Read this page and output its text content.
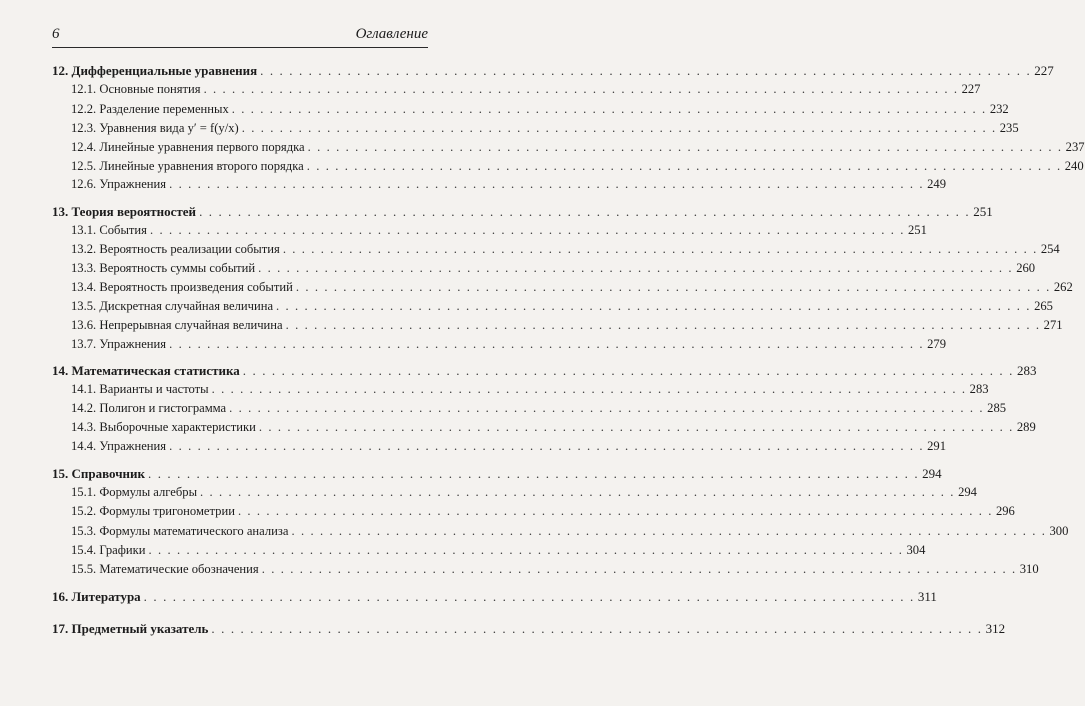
6	Оглавление
12. Дифференциальные уравнения . . . . . . . . . . . . . . . . . . . . . . . . . . . . . . . . . . . . . . . . . . . . . . . . . . . . . . . . . . . . . . . . . . . . . . . . . . . . . . . . 227
12.1. Основные понятия . . . . . . . . . . . . . . . . . . . . . . . . . . . . . . . . . . . . . . . . . . . . . . . . . . . . . . . . . . . . . . . . . . . . . . . . . . . . . . . . 227
12.2. Разделение переменных . . . . . . . . . . . . . . . . . . . . . . . . . . . . . . . . . . . . . . . . . . . . . . . . . . . . . . . . . . . . . . . . . . . . . . . . . . . . . . . . 232
12.3. Уравнения вида y′ = f(y/x) . . . . . . . . . . . . . . . . . . . . . . . . . . . . . . . . . . . . . . . . . . . . . . . . . . . . . . . . . . . . . . . . . . . . . . . . . . . . . . . . 235
12.4. Линейные уравнения первого порядка . . . . . . . . . . . . . . . . . . . . . . . . . . . . . . . . . . . . . . . . . . . . . . . . . . . . . . . . . . . . . . . . . . . . . . . . . . . . . . . . 237
12.5. Линейные уравнения второго порядка . . . . . . . . . . . . . . . . . . . . . . . . . . . . . . . . . . . . . . . . . . . . . . . . . . . . . . . . . . . . . . . . . . . . . . . . . . . . . . . . 240
12.6. Упражнения . . . . . . . . . . . . . . . . . . . . . . . . . . . . . . . . . . . . . . . . . . . . . . . . . . . . . . . . . . . . . . . . . . . . . . . . . . . . . . . . 249
13. Теория вероятностей . . . . . . . . . . . . . . . . . . . . . . . . . . . . . . . . . . . . . . . . . . . . . . . . . . . . . . . . . . . . . . . . . . . . . . . . . . . . . . . . 251
13.1. События . . . . . . . . . . . . . . . . . . . . . . . . . . . . . . . . . . . . . . . . . . . . . . . . . . . . . . . . . . . . . . . . . . . . . . . . . . . . . . . . 251
13.2. Вероятность реализации события . . . . . . . . . . . . . . . . . . . . . . . . . . . . . . . . . . . . . . . . . . . . . . . . . . . . . . . . . . . . . . . . . . . . . . . . . . . . . . . . 254
13.3. Вероятность суммы событий . . . . . . . . . . . . . . . . . . . . . . . . . . . . . . . . . . . . . . . . . . . . . . . . . . . . . . . . . . . . . . . . . . . . . . . . . . . . . . . . 260
13.4. Вероятность произведения событий . . . . . . . . . . . . . . . . . . . . . . . . . . . . . . . . . . . . . . . . . . . . . . . . . . . . . . . . . . . . . . . . . . . . . . . . . . . . . . . . 262
13.5. Дискретная случайная величина . . . . . . . . . . . . . . . . . . . . . . . . . . . . . . . . . . . . . . . . . . . . . . . . . . . . . . . . . . . . . . . . . . . . . . . . . . . . . . . . 265
13.6. Непрерывная случайная величина . . . . . . . . . . . . . . . . . . . . . . . . . . . . . . . . . . . . . . . . . . . . . . . . . . . . . . . . . . . . . . . . . . . . . . . . . . . . . . . . 271
13.7. Упражнения . . . . . . . . . . . . . . . . . . . . . . . . . . . . . . . . . . . . . . . . . . . . . . . . . . . . . . . . . . . . . . . . . . . . . . . . . . . . . . . . 279
14. Математическая статистика . . . . . . . . . . . . . . . . . . . . . . . . . . . . . . . . . . . . . . . . . . . . . . . . . . . . . . . . . . . . . . . . . . . . . . . . . . . . . . . . 283
14.1. Варианты и частоты . . . . . . . . . . . . . . . . . . . . . . . . . . . . . . . . . . . . . . . . . . . . . . . . . . . . . . . . . . . . . . . . . . . . . . . . . . . . . . . . 283
14.2. Полигон и гистограмма . . . . . . . . . . . . . . . . . . . . . . . . . . . . . . . . . . . . . . . . . . . . . . . . . . . . . . . . . . . . . . . . . . . . . . . . . . . . . . . . 285
14.3. Выборочные характеристики . . . . . . . . . . . . . . . . . . . . . . . . . . . . . . . . . . . . . . . . . . . . . . . . . . . . . . . . . . . . . . . . . . . . . . . . . . . . . . . . 289
14.4. Упражнения . . . . . . . . . . . . . . . . . . . . . . . . . . . . . . . . . . . . . . . . . . . . . . . . . . . . . . . . . . . . . . . . . . . . . . . . . . . . . . . . 291
15. Справочник . . . . . . . . . . . . . . . . . . . . . . . . . . . . . . . . . . . . . . . . . . . . . . . . . . . . . . . . . . . . . . . . . . . . . . . . . . . . . . . . 294
15.1. Формулы алгебры . . . . . . . . . . . . . . . . . . . . . . . . . . . . . . . . . . . . . . . . . . . . . . . . . . . . . . . . . . . . . . . . . . . . . . . . . . . . . . . . 294
15.2. Формулы тригонометрии . . . . . . . . . . . . . . . . . . . . . . . . . . . . . . . . . . . . . . . . . . . . . . . . . . . . . . . . . . . . . . . . . . . . . . . . . . . . . . . . 296
15.3. Формулы математического анализа . . . . . . . . . . . . . . . . . . . . . . . . . . . . . . . . . . . . . . . . . . . . . . . . . . . . . . . . . . . . . . . . . . . . . . . . . . . . . . . . 300
15.4. Графики . . . . . . . . . . . . . . . . . . . . . . . . . . . . . . . . . . . . . . . . . . . . . . . . . . . . . . . . . . . . . . . . . . . . . . . . . . . . . . . . 304
15.5. Математические обозначения . . . . . . . . . . . . . . . . . . . . . . . . . . . . . . . . . . . . . . . . . . . . . . . . . . . . . . . . . . . . . . . . . . . . . . . . . . . . . . . . 310
16. Литература . . . . . . . . . . . . . . . . . . . . . . . . . . . . . . . . . . . . . . . . . . . . . . . . . . . . . . . . . . . . . . . . . . . . . . . . . . . . . . . . 311
17. Предметный указатель . . . . . . . . . . . . . . . . . . . . . . . . . . . . . . . . . . . . . . . . . . . . . . . . . . . . . . . . . . . . . . . . . . . . . . . . . . . . . . . . 312
